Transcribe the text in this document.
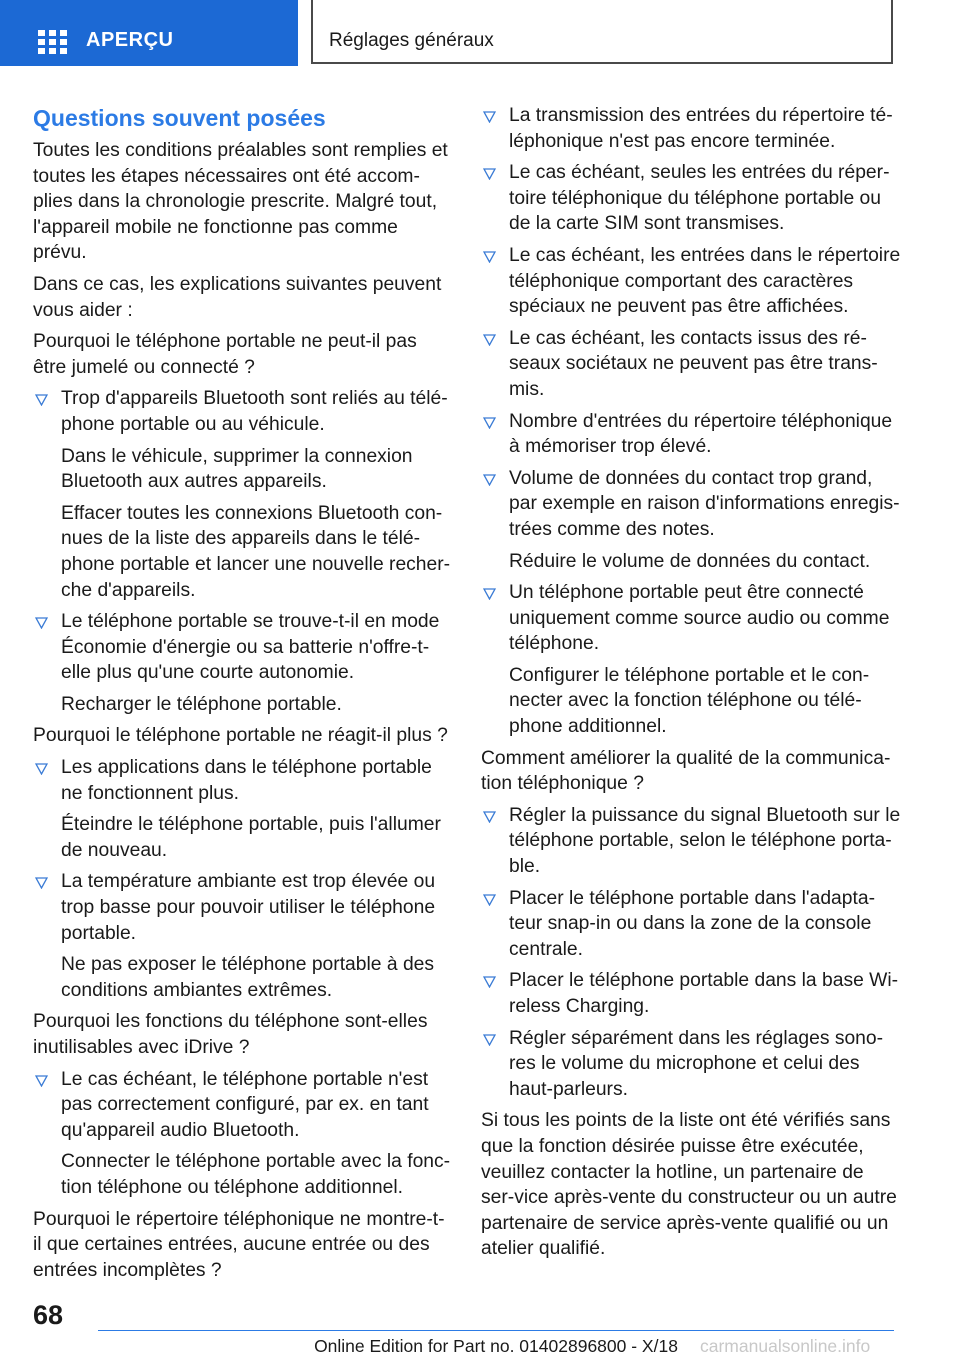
APERÇU	Réglages généraux
Questions souvent posées
Toutes les conditions préalables sont remplies et toutes les étapes nécessaires ont été accom-plies dans la chronologie prescrite. Malgré tout, l'appareil mobile ne fonctionne pas comme prévu.
Dans ce cas, les explications suivantes peuvent vous aider :
Pourquoi le téléphone portable ne peut-il pas être jumelé ou connecté ?
Trop d'appareils Bluetooth sont reliés au télé-phone portable ou au véhicule.
Dans le véhicule, supprimer la connexion Bluetooth aux autres appareils.
Effacer toutes les connexions Bluetooth con-nues de la liste des appareils dans le télé-phone portable et lancer une nouvelle recher-che d'appareils.
Le téléphone portable se trouve-t-il en mode Économie d'énergie ou sa batterie n'offre-t-elle plus qu'une courte autonomie.
Recharger le téléphone portable.
Pourquoi le téléphone portable ne réagit-il plus ?
Les applications dans le téléphone portable ne fonctionnent plus.
Éteindre le téléphone portable, puis l'allumer de nouveau.
La température ambiante est trop élevée ou trop basse pour pouvoir utiliser le téléphone portable.
Ne pas exposer le téléphone portable à des conditions ambiantes extrêmes.
Pourquoi les fonctions du téléphone sont-elles inutilisables avec iDrive ?
Le cas échéant, le téléphone portable n'est pas correctement configuré, par ex. en tant qu'appareil audio Bluetooth.
Connecter le téléphone portable avec la fonc-tion téléphone ou téléphone additionnel.
Pourquoi le répertoire téléphonique ne montre-t-il que certaines entrées, aucune entrée ou des entrées incomplètes ?
La transmission des entrées du répertoire té-léphonique n'est pas encore terminée.
Le cas échéant, seules les entrées du réper-toire téléphonique du téléphone portable ou de la carte SIM sont transmises.
Le cas échéant, les entrées dans le répertoire téléphonique comportant des caractères spéciaux ne peuvent pas être affichées.
Le cas échéant, les contacts issus des ré-seaux sociétaux ne peuvent pas être trans-mis.
Nombre d'entrées du répertoire téléphonique à mémoriser trop élevé.
Volume de données du contact trop grand, par exemple en raison d'informations enregis-trées comme des notes.
Réduire le volume de données du contact.
Un téléphone portable peut être connecté uniquement comme source audio ou comme téléphone.
Configurer le téléphone portable et le con-necter avec la fonction téléphone ou télé-phone additionnel.
Comment améliorer la qualité de la communica-tion téléphonique ?
Régler la puissance du signal Bluetooth sur le téléphone portable, selon le téléphone porta-ble.
Placer le téléphone portable dans l'adapta-teur snap-in ou dans la zone de la console centrale.
Placer le téléphone portable dans la base Wi-reless Charging.
Régler séparément dans les réglages sono-res le volume du microphone et celui des haut-parleurs.
Si tous les points de la liste ont été vérifiés sans que la fonction désirée puisse être exécutée, veuillez contacter la hotline, un partenaire de ser-vice après-vente du constructeur ou un autre partenaire de service après-vente qualifié ou un atelier qualifié.
68
Online Edition for Part no. 01402896800 - X/18	carmanualsonline.info
